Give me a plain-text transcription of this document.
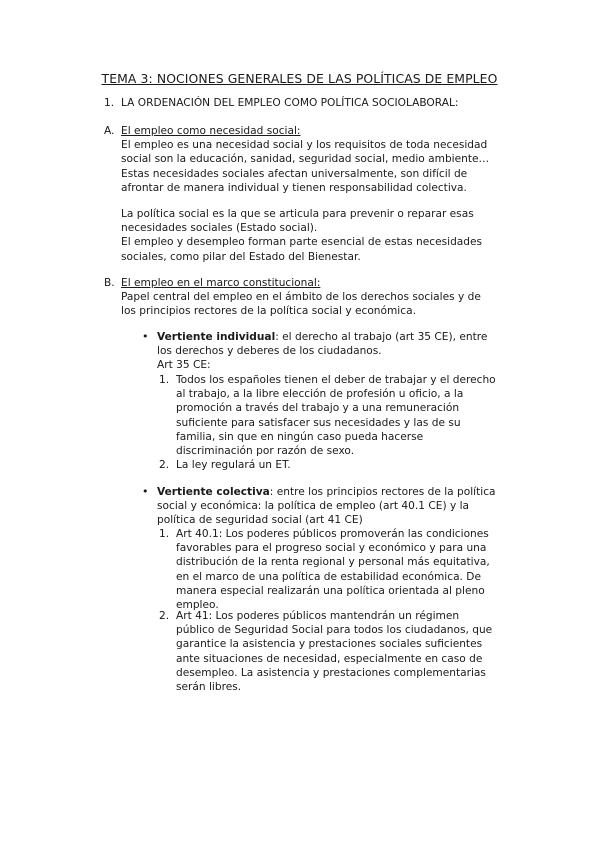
TEMA 3: NOCIONES GENERALES DE LAS POLÍTICAS DE EMPLEO
1. LA ORDENACIÓN DEL EMPLEO COMO POLÍTICA SOCIOLABORAL:
A. El empleo como necesidad social:

El empleo es una necesidad social y los requisitos de toda necesidad

social son la educación, sanidad, seguridad social, medio ambiente…

Estas necesidades sociales afectan universalmente, son difícil de

afrontar de manera individual y tienen responsabilidad colectiva.

La política social es la que se articula para prevenir o reparar esas

necesidades sociales (Estado social).

El empleo y desempleo forman parte esencial de estas necesidades

sociales, como pilar del Estado del Bienestar.

B. El empleo en el marco constitucional:

Papel central del empleo en el ámbito de los derechos sociales y de

los principios rectores de la política social y económica.

• Vertiente individual: el derecho al trabajo (art 35 CE), entre

los derechos y deberes de los ciudadanos.

Art 35 CE:

1. Todos los españoles tienen el deber de trabajar y el derecho

al trabajo, a la libre elección de profesión u oficio, a la

promoción a través del trabajo y a una remuneración

suficiente para satisfacer sus necesidades y las de su

familia, sin que en ningún caso pueda hacerse

discriminación por razón de sexo.

2. La ley regulará un ET.

• Vertiente colectiva: entre los principios rectores de la política

social y económica: la política de empleo (art 40.1 CE) y la

política de seguridad social (art 41 CE)

1. Art 40.1: Los poderes públicos promoverán las condiciones

favorables para el progreso social y económico y para una

distribución de la renta regional y personal más equitativa,

en el marco de una política de estabilidad económica. De

manera especial realizarán una política orientada al pleno

empleo.

2. Art 41: Los poderes públicos mantendrán un régimen

público de Seguridad Social para todos los ciudadanos, que

garantice la asistencia y prestaciones sociales suficientes

ante situaciones de necesidad, especialmente en caso de

desempleo. La asistencia y prestaciones complementarias

serán libres.
